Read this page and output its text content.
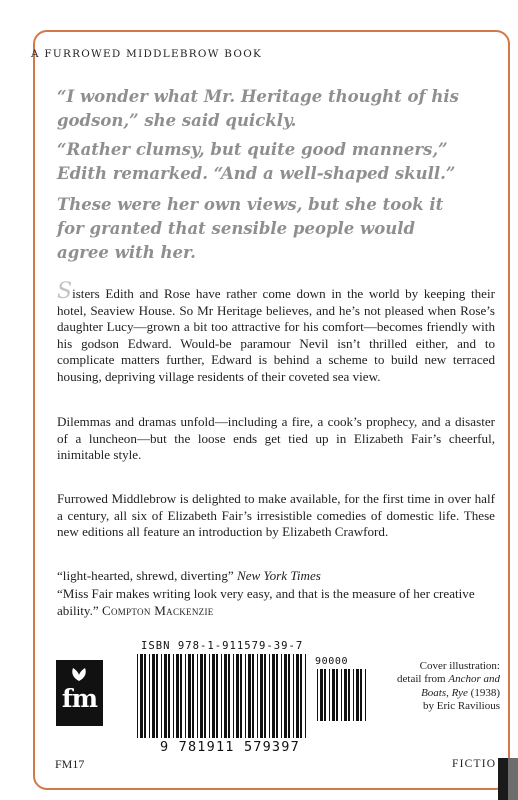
A FURROWED MIDDLEBROW BOOK

“I wonder what Mr. Heritage thought of his
godson,” she said quickly.

“Rather clumsy, but quite good manners,”
Edith remarked. “And a well-shaped skull.”

These were her own views, but she took it
for granted that sensible people would
agree with her.

Sisters Edith and Rose have rather come down in the world by keeping their hotel, Seaview House. So Mr Heritage believes, and he’s not pleased when Rose’s daughter Lucy—grown a bit too attractive for his comfort—becomes friendly with his godson Edward. Would-be paramour Nevil isn’t thrilled either, and to complicate matters further, Edward is behind a scheme to build new terraced housing, depriving village residents of their coveted sea view.

Dilemmas and dramas unfold—including a fire, a cook’s prophecy, and a disaster of a luncheon—but the loose ends get tied up in Elizabeth Fair’s cheerful, inimitable style.

Furrowed Middlebrow is delighted to make available, for the first time in over half a century, all six of Elizabeth Fair’s irresistible comedies of domestic life. These new editions all feature an introduction by Elizabeth Crawford.

“light-hearted, shrewd, diverting” New York Times

“Miss Fair makes writing look very easy, and that is the measure of her creative ability.” Compton Mackenzie

fm
FM17
ISBN 978-1-911579-39-7
90000
9 781911 579397
Cover illustration:
detail from Anchor and Boats, Rye (1938)
by Eric Ravilious
FICTIO
